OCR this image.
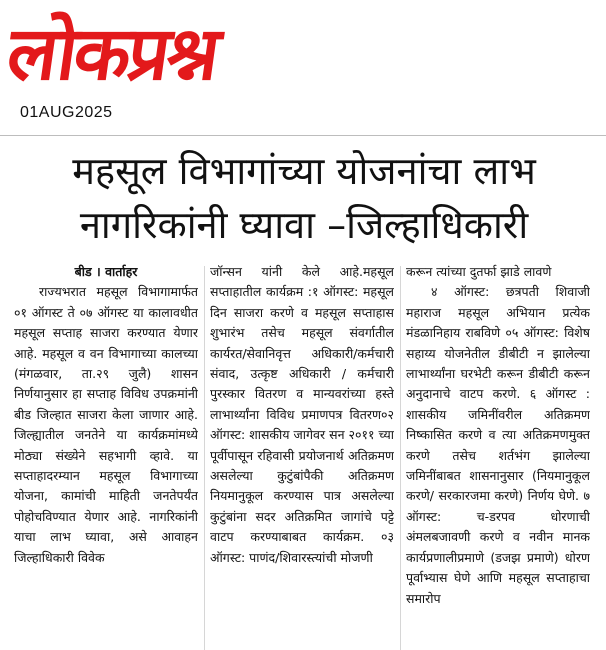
लोकप्रश्न
01AUG2025
महसूल विभागांच्या योजनांचा लाभ नागरिकांनी घ्यावा –जिल्हाधिकारी

बीड । वार्ताहर

राज्यभरात महसूल विभागामार्फत ०१ ऑगस्ट ते ०७ ऑगस्ट या कालावधीत महसूल सप्ताह साजरा करण्यात येणार आहे. महसूल व वन विभागाच्या कालच्या (मंगळवार, ता.२९ जुलै) शासन निर्णयानुसार हा सप्ताह विविध उपक्रमांनी बीड जिल्हात साजरा केला जाणार आहे. जिल्ह्यातील जनतेने या कार्यक्रमांमध्ये मोठ्या संख्येने सहभागी व्हावे. या सप्ताहादरम्यान महसूल विभागाच्या योजना, कामांची माहिती जनतेपर्यंत पोहोचविण्यात येणार आहे. नागरिकांनी याचा लाभ घ्यावा, असे आवाहन जिल्हाधिकारी विवेक

जॉन्सन यांनी केले आहे.महसूल सप्ताहातील कार्यक्रम :१ ऑगस्ट: महसूल दिन साजरा करणे व महसूल सप्ताहास शुभारंभ तसेच महसूल संवर्गातील कार्यरत/सेवानिवृत्त अधिकारी/कर्मचारी संवाद, उत्कृष्ट अधिकारी / कर्मचारी पुरस्कार वितरण व मान्यवरांच्या हस्ते लाभार्थ्यांना विविध प्रमाणपत्र वितरण०२ ऑगस्ट: शासकीय जागेवर सन २०११ च्या पूर्वीपासून रहिवासी प्रयोजनार्थ अतिक्रमण असलेल्या कुटुंबांपैकी अतिक्रमण नियमानुकूल करण्यास पात्र असलेल्या कुटुंबांना सदर अतिक्रमित जागांचे पट्टे वाटप करण्याबाबत कार्यक्रम. ०३ ऑगस्ट: पाणंद/शिवारस्त्यांची मोजणी

करून त्यांच्या दुतर्फा झाडे लावणे

४ ऑगस्ट: छत्रपती शिवाजी महाराज महसूल अभियान प्रत्येक मंडळानिहाय राबविणे ०५ ऑगस्ट: विशेष सहाय्य योजनेतील डीबीटी न झालेल्या लाभार्थ्यांना घरभेटी करून डीबीटी करून अनुदानाचे वाटप करणे. ६ ऑगस्ट : शासकीय जमिनींवरील अतिक्रमण निष्कासित करणे व त्या अतिक्रमणमुक्त करणे तसेच शर्तभंग झालेल्या जमिनींबाबत शासनानुसार (नियमानुकूल करणे/ सरकारजमा करणे) निर्णय घेणे. ७ ऑगस्ट: च-डरपव धोरणाची अंमलबजावणी करणे व नवीन मानक कार्यप्रणालीप्रमाणे (डजझ प्रमाणे) धोरण पूर्वाभ्यास घेणे आणि महसूल सप्ताहाचा समारोप
